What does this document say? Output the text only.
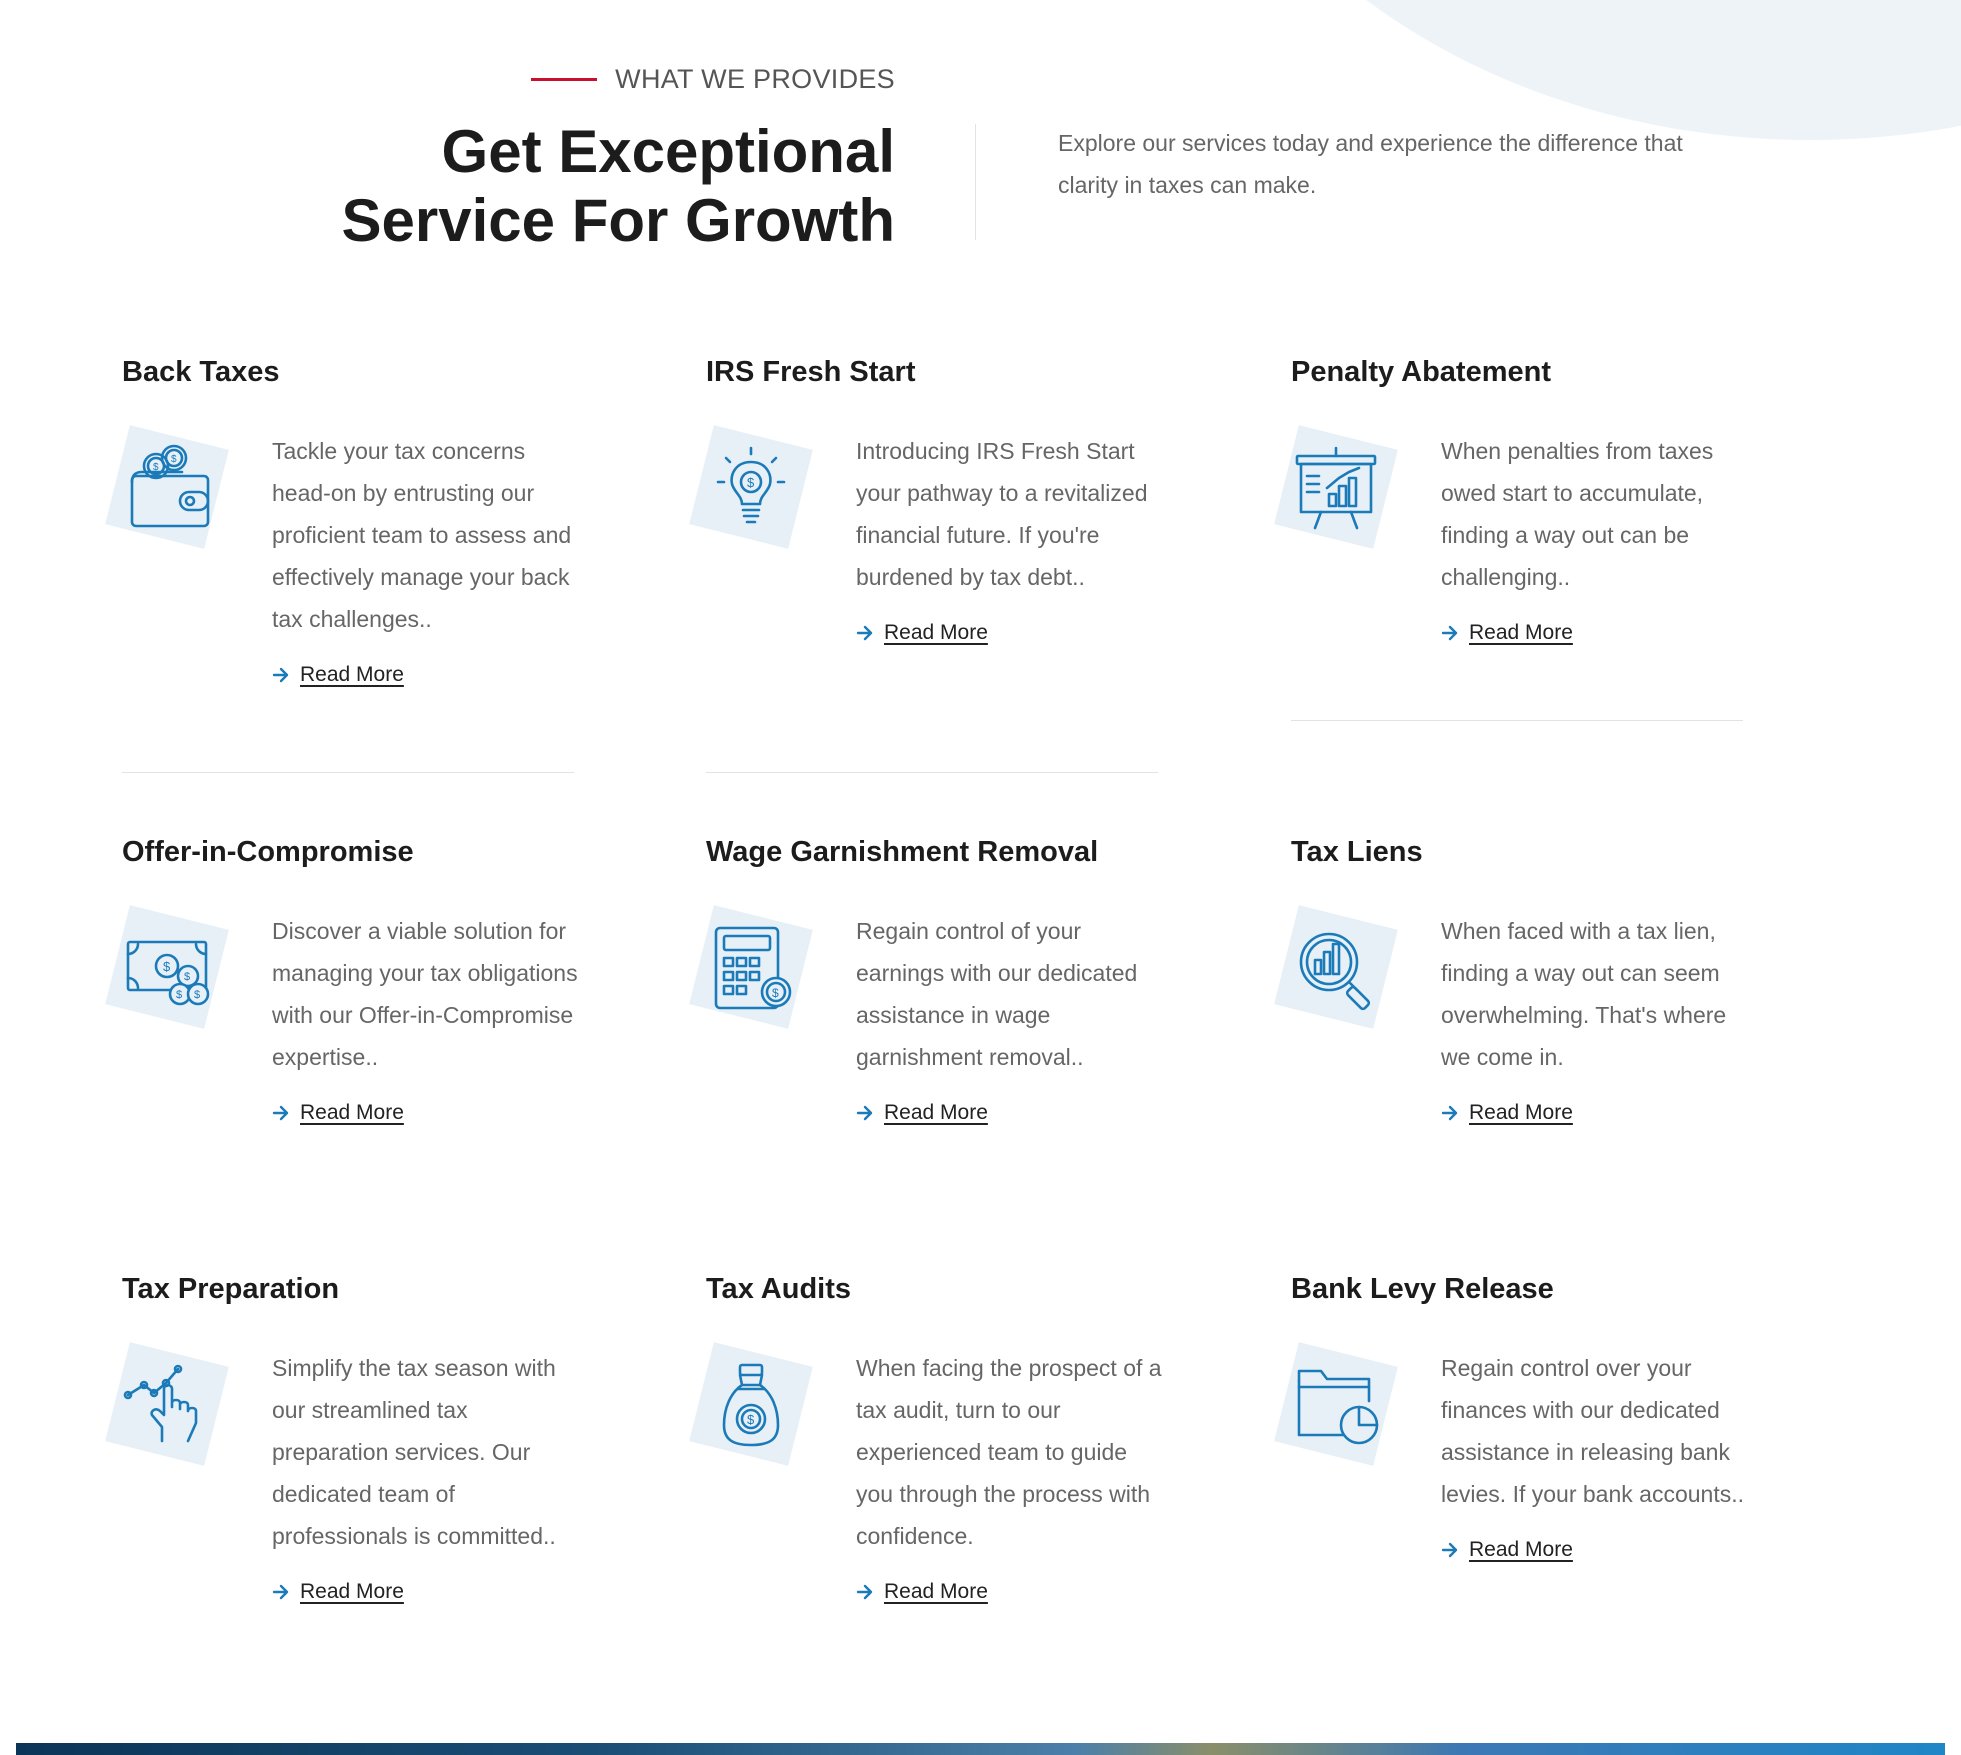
WHAT WE PROVIDES
Get Exceptional
Service For Growth

Explore our services today and experience the difference that clarity in taxes can make.

Back Taxes
$
$

Tackle your tax concerns head-on by entrusting our proficient team to assess and effectively manage your back tax challenges..

Read More
IRS Fresh Start
$

Introducing IRS Fresh Start your pathway to a revitalized financial future. If you're burdened by tax debt..

Read More
Penalty Abatement

When penalties from taxes owed start to accumulate, finding a way out can be challenging..

Read More
Offer-in-Compromise
$
$
$ $

Discover a viable solution for managing your tax obligations with our Offer-in-Compromise expertise..

Read More
Wage Garnishment Removal
$

Regain control of your earnings with our dedicated assistance in wage garnishment removal..

Read More
Tax Liens

When faced with a tax lien, finding a way out can seem overwhelming. That's where we come in.

Read More
Tax Preparation

Simplify the tax season with our streamlined tax preparation services. Our dedicated team of professionals is committed..

Read More
Tax Audits
$

When facing the prospect of a tax audit, turn to our experienced team to guide you through the process with confidence.

Read More
Bank Levy Release

Regain control over your finances with our dedicated assistance in releasing bank levies. If your bank accounts..

Read More
